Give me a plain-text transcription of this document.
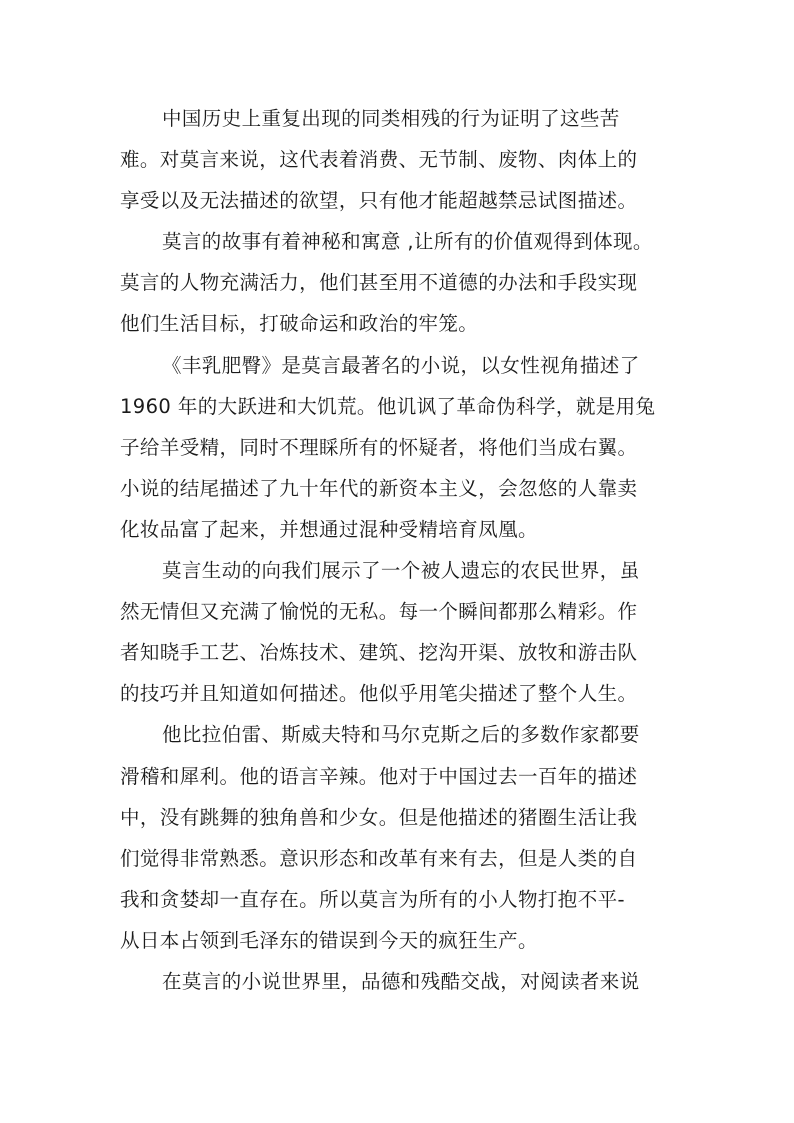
中国历史上重复出现的同类相残的行为证明了这些苦
难。对莫言来说，这代表着消费、无节制、废物、肉体上的
享受以及无法描述的欲望，只有他才能超越禁忌试图描述。
莫言的故事有着神秘和寓意 ,让所有的价值观得到体现。
莫言的人物充满活力，他们甚至用不道德的办法和手段实现
他们生活目标，打破命运和政治的牢笼。
《丰乳肥臀》是莫言最著名的小说，以女性视角描述了
1960 年的大跃进和大饥荒。他讥讽了革命伪科学，就是用兔
子给羊受精，同时不理睬所有的怀疑者，将他们当成右翼。
小说的结尾描述了九十年代的新资本主义，会忽悠的人靠卖
化妆品富了起来，并想通过混种受精培育凤凰。
莫言生动的向我们展示了一个被人遗忘的农民世界，虽
然无情但又充满了愉悦的无私。每一个瞬间都那么精彩。作
者知晓手工艺、冶炼技术、建筑、挖沟开渠、放牧和游击队
的技巧并且知道如何描述。他似乎用笔尖描述了整个人生。
他比拉伯雷、斯威夫特和马尔克斯之后的多数作家都要
滑稽和犀利。他的语言辛辣。他对于中国过去一百年的描述
中，没有跳舞的独角兽和少女。但是他描述的猪圈生活让我
们觉得非常熟悉。意识形态和改革有来有去，但是人类的自
我和贪婪却一直存在。所以莫言为所有的小人物打抱不平-
从日本占领到毛泽东的错误到今天的疯狂生产。
在莫言的小说世界里，品德和残酷交战，对阅读者来说
